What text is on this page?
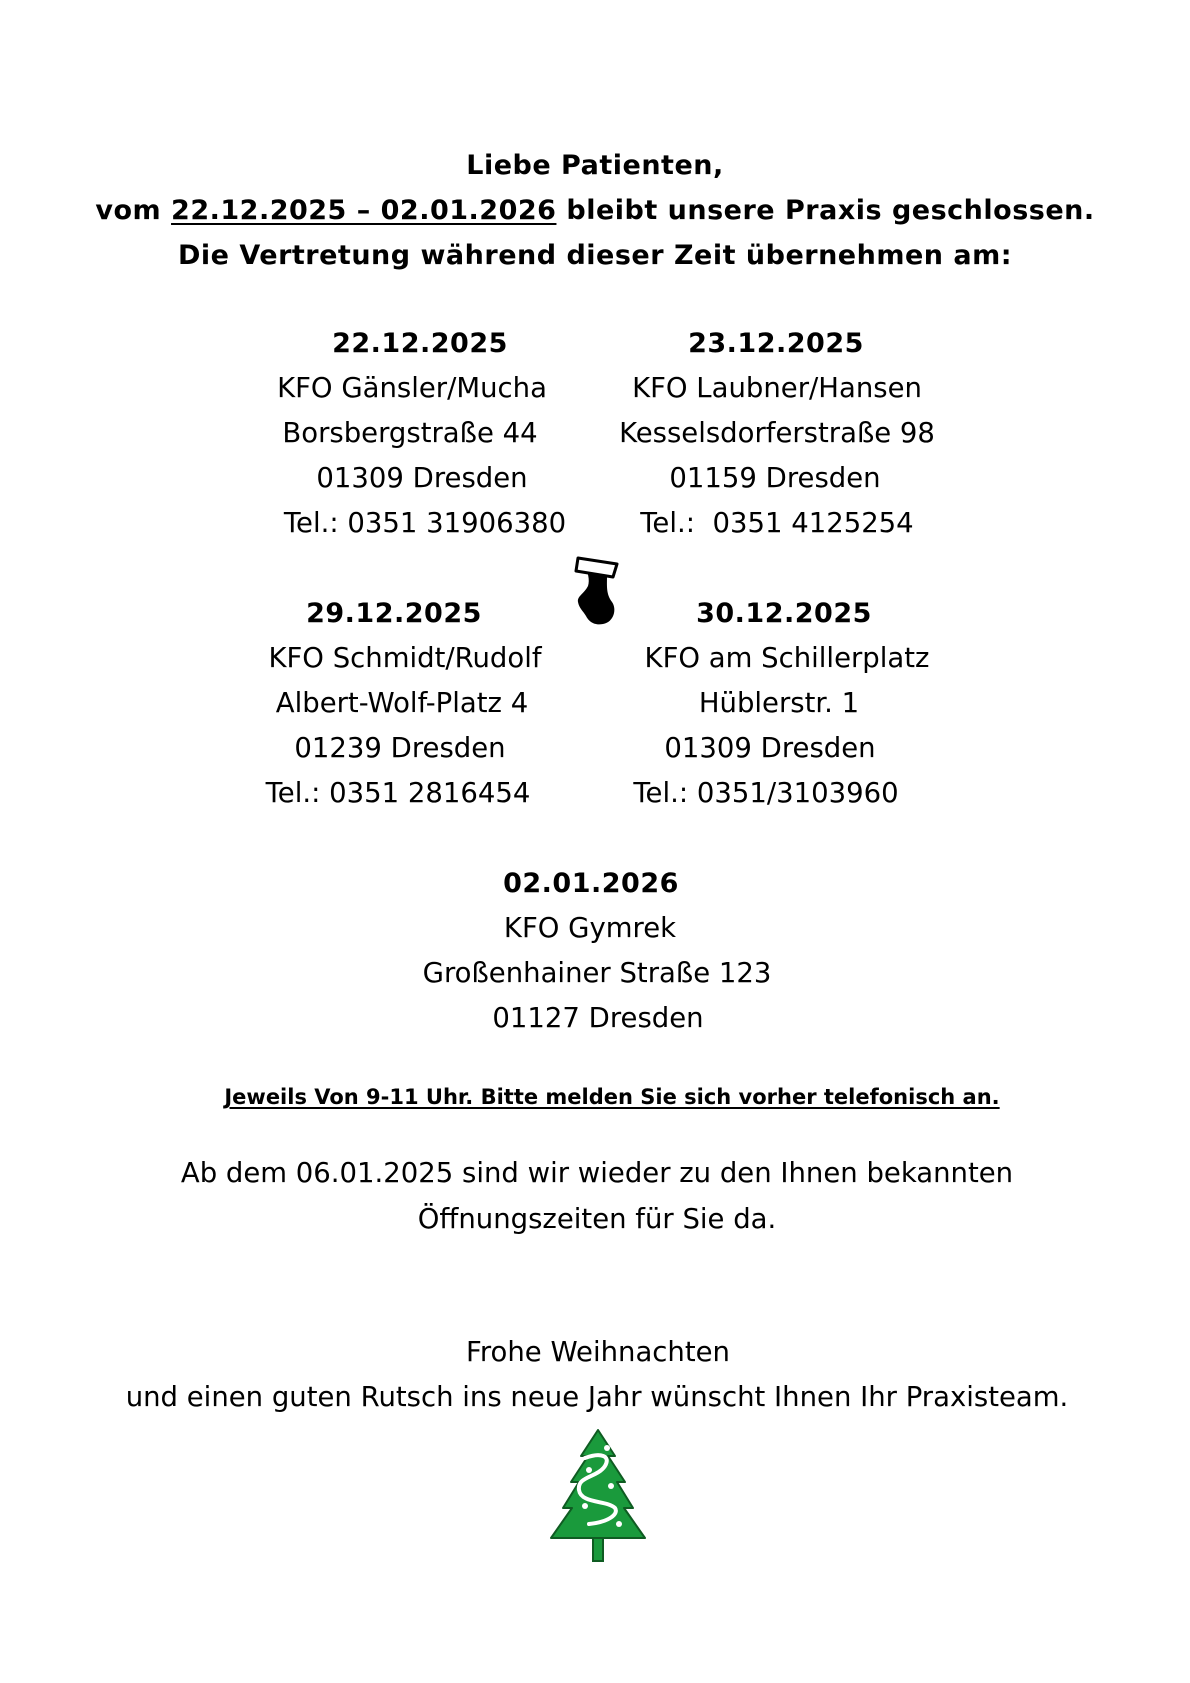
Liebe Patienten,
vom 22.12.2025 – 02.01.2026 bleibt unsere Praxis geschlossen.
Die Vertretung während dieser Zeit übernehmen am:
22.12.2025
KFO Gänsler/Mucha
Borsbergstraße 44
01309 Dresden
Tel.: 0351 31906380
23.12.2025
KFO Laubner/Hansen
Kesselsdorferstraße 98
01159 Dresden
Tel.:  0351 4125254
29.12.2025
KFO Schmidt/Rudolf
Albert-Wolf-Platz 4
01239 Dresden
Tel.: 0351 2816454
30.12.2025
KFO am Schillerplatz
Hüblerstr. 1
01309 Dresden
Tel.: 0351/3103960
02.01.2026
KFO Gymrek
Großenhainer Straße 123
01127 Dresden
Jeweils Von 9-11 Uhr. Bitte melden Sie sich vorher telefonisch an.
Ab dem 06.01.2025 sind wir wieder zu den Ihnen bekannten
Öffnungszeiten für Sie da.
Frohe Weihnachten
und einen guten Rutsch ins neue Jahr wünscht Ihnen Ihr Praxisteam.
